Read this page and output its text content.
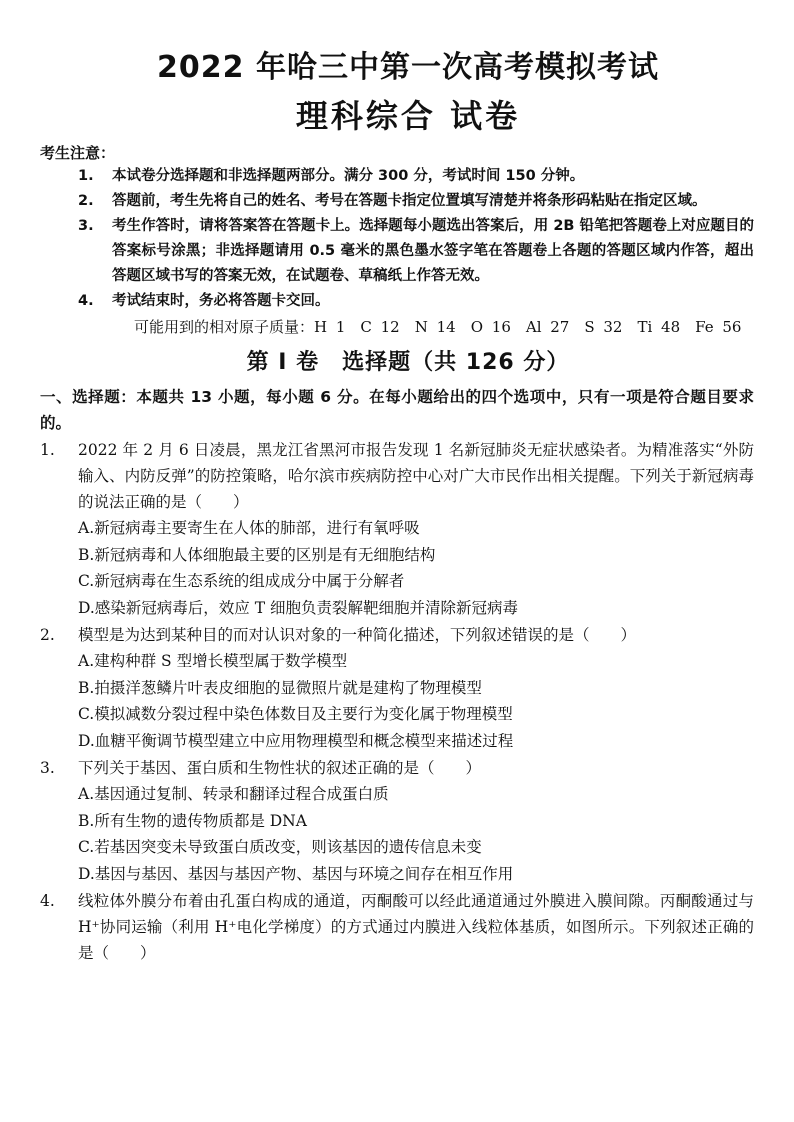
2022 年哈三中第一次高考模拟考试
理科综合 试卷
考生注意：
1.	本试卷分选择题和非选择题两部分。满分 300 分，考试时间 150 分钟。
2.	答题前，考生先将自己的姓名、考号在答题卡指定位置填写清楚并将条形码粘贴在指定区域。
3.	考生作答时，请将答案答在答题卡上。选择题每小题选出答案后，用 2B 铅笔把答题卷上对应题目的答案标号涂黑；非选择题请用 0.5 毫米的黑色墨水签字笔在答题卷上各题的答题区域内作答，超出答题区域书写的答案无效，在试题卷、草稿纸上作答无效。
4.	考试结束时，务必将答题卡交回。
可能用到的相对原子质量：H 1　C 12　N 14　O 16　Al 27　S 32　Ti 48　Fe 56
第 I 卷　选择题（共 126 分）
一、选择题：本题共 13 小题，每小题 6 分。在每小题给出的四个选项中，只有一项是符合题目要求的。
1.	2022 年 2 月 6 日凌晨，黑龙江省黑河市报告发现 1 名新冠肺炎无症状感染者。为精准落实“外防输入、内防反弹”的防控策略，哈尔滨市疾病防控中心对广大市民作出相关提醒。下列关于新冠病毒的说法正确的是（　　）
A.新冠病毒主要寄生在人体的肺部，进行有氧呼吸
B.新冠病毒和人体细胞最主要的区别是有无细胞结构
C.新冠病毒在生态系统的组成成分中属于分解者
D.感染新冠病毒后，效应 T 细胞负责裂解靶细胞并清除新冠病毒
2.	模型是为达到某种目的而对认识对象的一种简化描述，下列叙述错误的是（　　）
A.建构种群 S 型增长模型属于数学模型
B.拍摄洋葱鳞片叶表皮细胞的显微照片就是建构了物理模型
C.模拟减数分裂过程中染色体数目及主要行为变化属于物理模型
D.血糖平衡调节模型建立中应用物理模型和概念模型来描述过程
3.	下列关于基因、蛋白质和生物性状的叙述正确的是（　　）
A.基因通过复制、转录和翻译过程合成蛋白质
B.所有生物的遗传物质都是 DNA
C.若基因突变未导致蛋白质改变，则该基因的遗传信息未变
D.基因与基因、基因与基因产物、基因与环境之间存在相互作用
4.	线粒体外膜分布着由孔蛋白构成的通道，丙酮酸可以经此通道通过外膜进入膜间隙。丙酮酸通过与 H⁺协同运输（利用 H⁺电化学梯度）的方式通过内膜进入线粒体基质，如图所示。下列叙述正确的是（　　）
